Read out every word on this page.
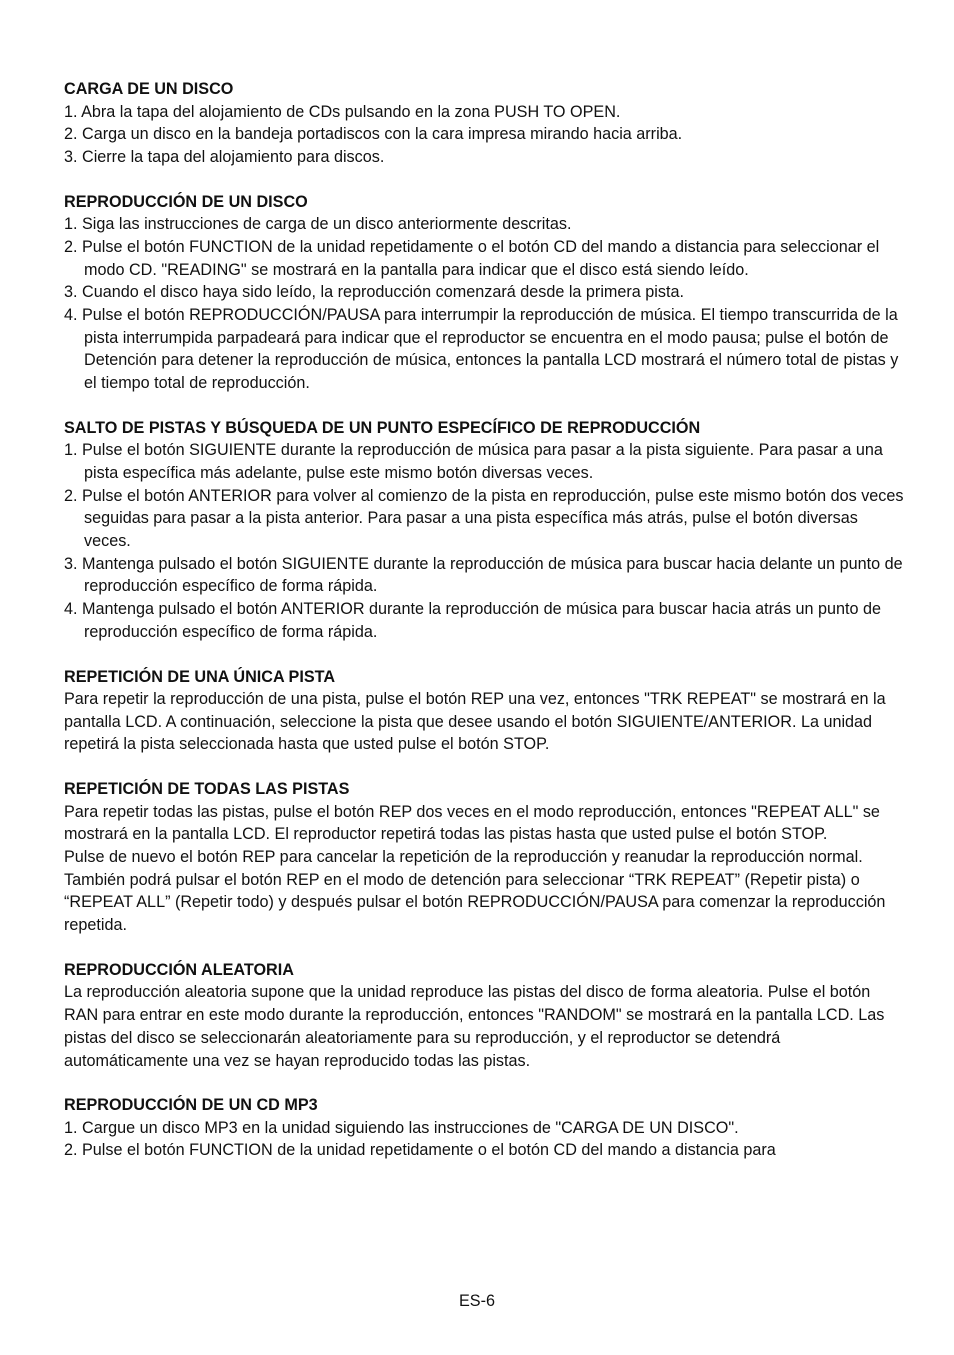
CARGA DE UN DISCO

1. Abra la tapa del alojamiento de CDs pulsando en la zona PUSH TO OPEN.

2. Carga un disco en la bandeja portadiscos con la cara impresa mirando hacia arriba.

3. Cierre la tapa del alojamiento para discos.

REPRODUCCIÓN DE UN DISCO

1. Siga las instrucciones de carga de un disco anteriormente descritas.

2. Pulse el botón FUNCTION de la unidad repetidamente o el botón CD del mando a distancia para seleccionar el modo CD. "READING" se mostrará en la pantalla para indicar que el disco está siendo leído.

3. Cuando el disco haya sido leído, la reproducción comenzará desde la primera pista.

4. Pulse el botón REPRODUCCIÓN/PAUSA para interrumpir la reproducción de música. El tiempo transcurrida de la pista interrumpida parpadeará para indicar que el reproductor se encuentra en el modo pausa; pulse el botón de Detención para detener la reproducción de música, entonces la pantalla LCD mostrará el número total de pistas y el tiempo total de reproducción.

SALTO DE PISTAS Y BÚSQUEDA DE UN PUNTO ESPECÍFICO DE REPRODUCCIÓN

1. Pulse el botón SIGUIENTE durante la reproducción de música para pasar a la pista siguiente. Para pasar a una pista específica más adelante, pulse este mismo botón diversas veces.

2. Pulse el botón ANTERIOR para volver al comienzo de la pista en reproducción, pulse este mismo botón dos veces seguidas para pasar a la pista anterior. Para pasar a una pista específica más atrás, pulse el botón diversas veces.

3. Mantenga pulsado el botón SIGUIENTE durante la reproducción de música para buscar hacia delante un punto de reproducción específico de forma rápida.

4. Mantenga pulsado el botón ANTERIOR durante la reproducción de música para buscar hacia atrás un punto de reproducción específico de forma rápida.

REPETICIÓN DE UNA ÚNICA PISTA

Para repetir la reproducción de una pista, pulse el botón REP una vez, entonces "TRK REPEAT" se mostrará en la pantalla LCD. A continuación, seleccione la pista que desee usando el botón SIGUIENTE/ANTERIOR. La unidad repetirá la pista seleccionada hasta que usted pulse el botón STOP.

REPETICIÓN DE TODAS LAS PISTAS

Para repetir todas las pistas, pulse el botón REP dos veces en el modo reproducción, entonces "REPEAT ALL" se mostrará en la pantalla LCD. El reproductor repetirá todas las pistas hasta que usted pulse el botón STOP.

Pulse de nuevo el botón REP para cancelar la repetición de la reproducción y reanudar la reproducción normal. También podrá pulsar el botón REP en el modo de detención para seleccionar “TRK REPEAT” (Repetir pista) o “REPEAT ALL” (Repetir todo) y después pulsar el botón REPRODUCCIÓN/PAUSA para comenzar la reproducción repetida.

REPRODUCCIÓN ALEATORIA

La reproducción aleatoria supone que la unidad reproduce las pistas del disco de forma aleatoria. Pulse el botón RAN para entrar en este modo durante la reproducción, entonces "RANDOM" se mostrará en la pantalla LCD. Las pistas del disco se seleccionarán aleatoriamente para su reproducción, y el reproductor se detendrá automáticamente una vez se hayan reproducido todas las pistas.

REPRODUCCIÓN DE UN CD MP3

1. Cargue un disco MP3 en la unidad siguiendo las instrucciones de "CARGA DE UN DISCO".

2. Pulse el botón FUNCTION de la unidad repetidamente o el botón CD del mando a distancia para

ES-6
